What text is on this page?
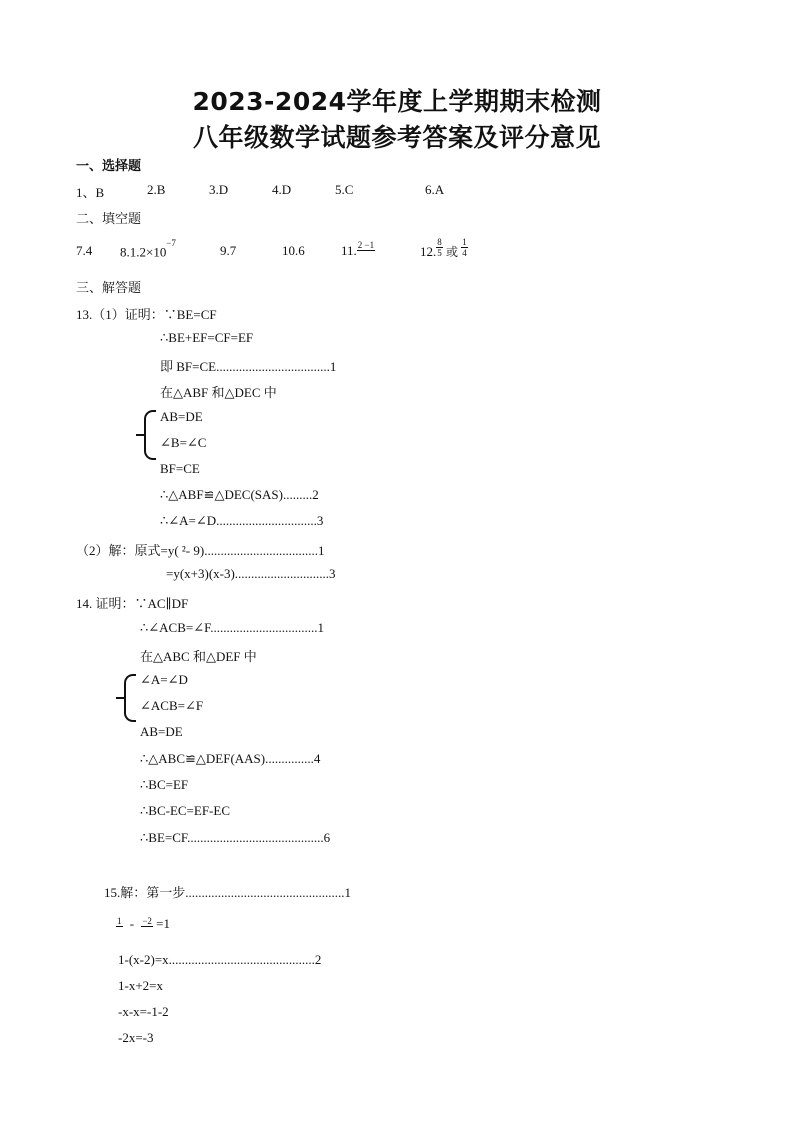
2023-2024学年度上学期期末检测
八年级数学试题参考答案及评分意见
一、选择题
1、B	2.B	3.D	4.D	5.C	6.A
二、填空题
7.4 $8.1.2\times 10^{-7}$	9.7	10.6	11. 2 −1	12. $\frac{8}{5}$ 或 $\frac{1}{4}$
三、解答题
13.（1）证明：∵BE=CF
∴BE+EF=CF=EF
即 BF=CE...................................1
在△ABF 和△DEC 中
AB=DE
∠B=∠C
BF=CE
∴△ABF≌△DEC(SAS).........2
∴∠A=∠D...............................3
（2）解：原式=y( ²- 9)...................................1
=y(x+3)(x-3).............................3
14. 证明：∵AC∥DF
∴∠ACB=∠F.................................1
在△ABC 和△DEF 中
∠A=∠D
∠ACB=∠F
AB=DE
∴△ABC≌△DEF(AAS)...............4
∴BC=EF
∴BC-EC=EF-EC
∴BE=CF..........................................6
15.解：第一步.................................................1
1 - −2 =1
1-(x-2)=x.............................................2
1-x+2=x
-x-x=-1-2
-2x=-3
